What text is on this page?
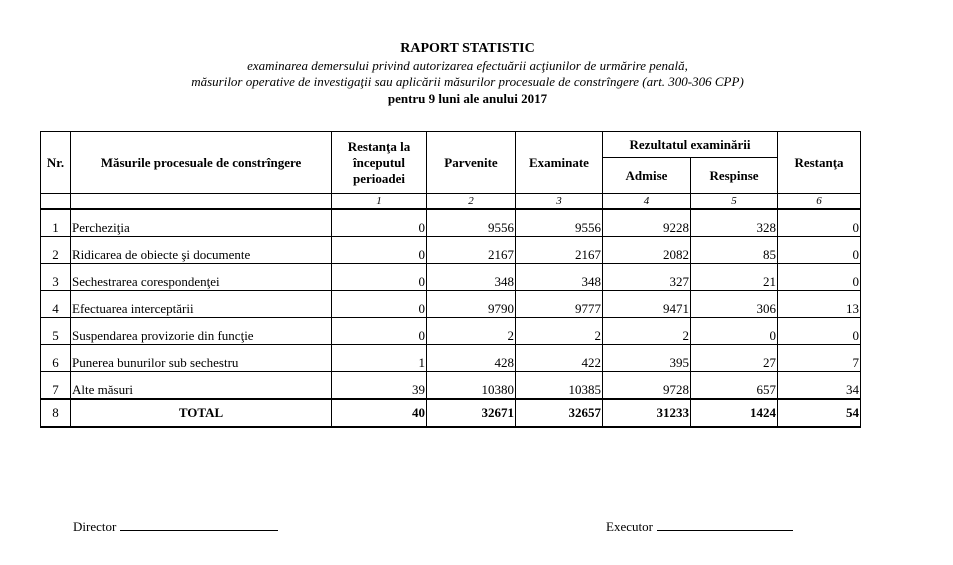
RAPORT STATISTIC
examinarea demersului privind autorizarea efectuării acţiunilor de urmărire penală,
măsurilor operative de investigaţii sau aplicării măsurilor procesuale de constrîngere (art. 300-306 CPP)
pentru 9 luni ale anului 2017
Nr.	Măsurile procesuale de constrîngere	Restanţa la începutul perioadei	Parvenite	Examinate	Rezultatul examinării		Restanţa
					Admise	Respinse	
		1	2	3	4	5	6
1	Percheziţia	0	9556	9556	9228	328	0
2	Ridicarea de obiecte şi documente	0	2167	2167	2082	85	0
3	Sechestrarea corespondenţei	0	348	348	327	21	0
4	Efectuarea interceptării	0	9790	9777	9471	306	13
5	Suspendarea provizorie din funcţie	0	2	2	2	0	0
6	Punerea bunurilor sub sechestru	1	428	422	395	27	7
7	Alte măsuri	39	10380	10385	9728	657	34
8	TOTAL	40	32671	32657	31233	1424	54
Director	Executor
